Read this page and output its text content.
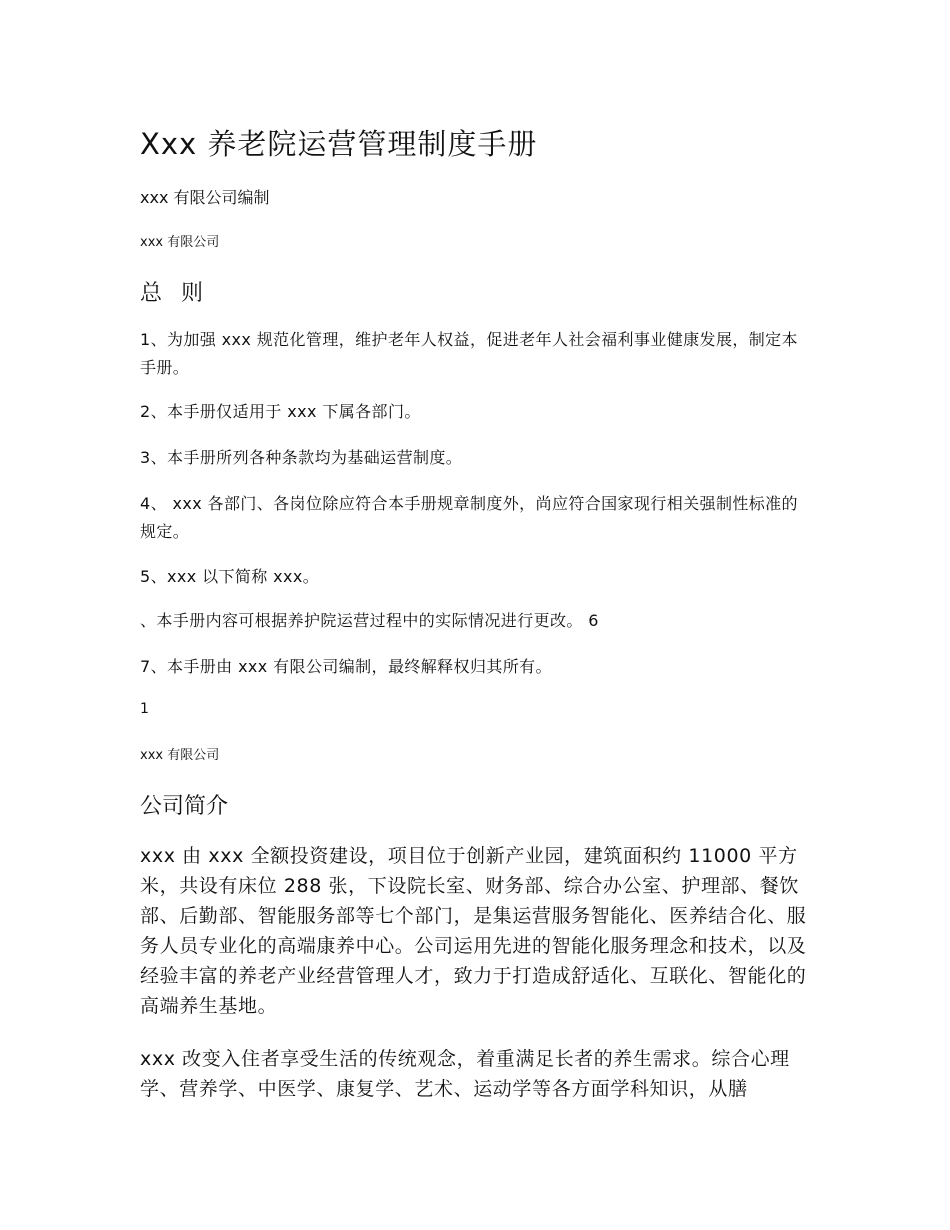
Xxx 养老院运营管理制度手册
xxx 有限公司编制
xxx 有限公司
总 则
1、为加强 xxx 规范化管理，维护老年人权益，促进老年人社会福利事业健康发展，制定本手册。
2、本手册仅适用于 xxx 下属各部门。
3、本手册所列各种条款均为基础运营制度。
4、 xxx 各部门、各岗位除应符合本手册规章制度外，尚应符合国家现行相关强制性标准的规定。
5、xxx 以下简称 xxx。
、本手册内容可根据养护院运营过程中的实际情况进行更改。 6
7、本手册由 xxx 有限公司编制，最终解释权归其所有。
1
xxx 有限公司
公司简介
xxx 由 xxx 全额投资建设，项目位于创新产业园，建筑面积约 11000 平方米，共设有床位 288 张，下设院长室、财务部、综合办公室、护理部、餐饮部、后勤部、智能服务部等七个部门，是集运营服务智能化、医养结合化、服务人员专业化的高端康养中心。公司运用先进的智能化服务理念和技术，以及经验丰富的养老产业经营管理人才，致力于打造成舒适化、互联化、智能化的高端养生基地。
xxx 改变入住者享受生活的传统观念，着重满足长者的养生需求。综合心理学、营养学、中医学、康复学、艺术、运动学等各方面学科知识，从膳
